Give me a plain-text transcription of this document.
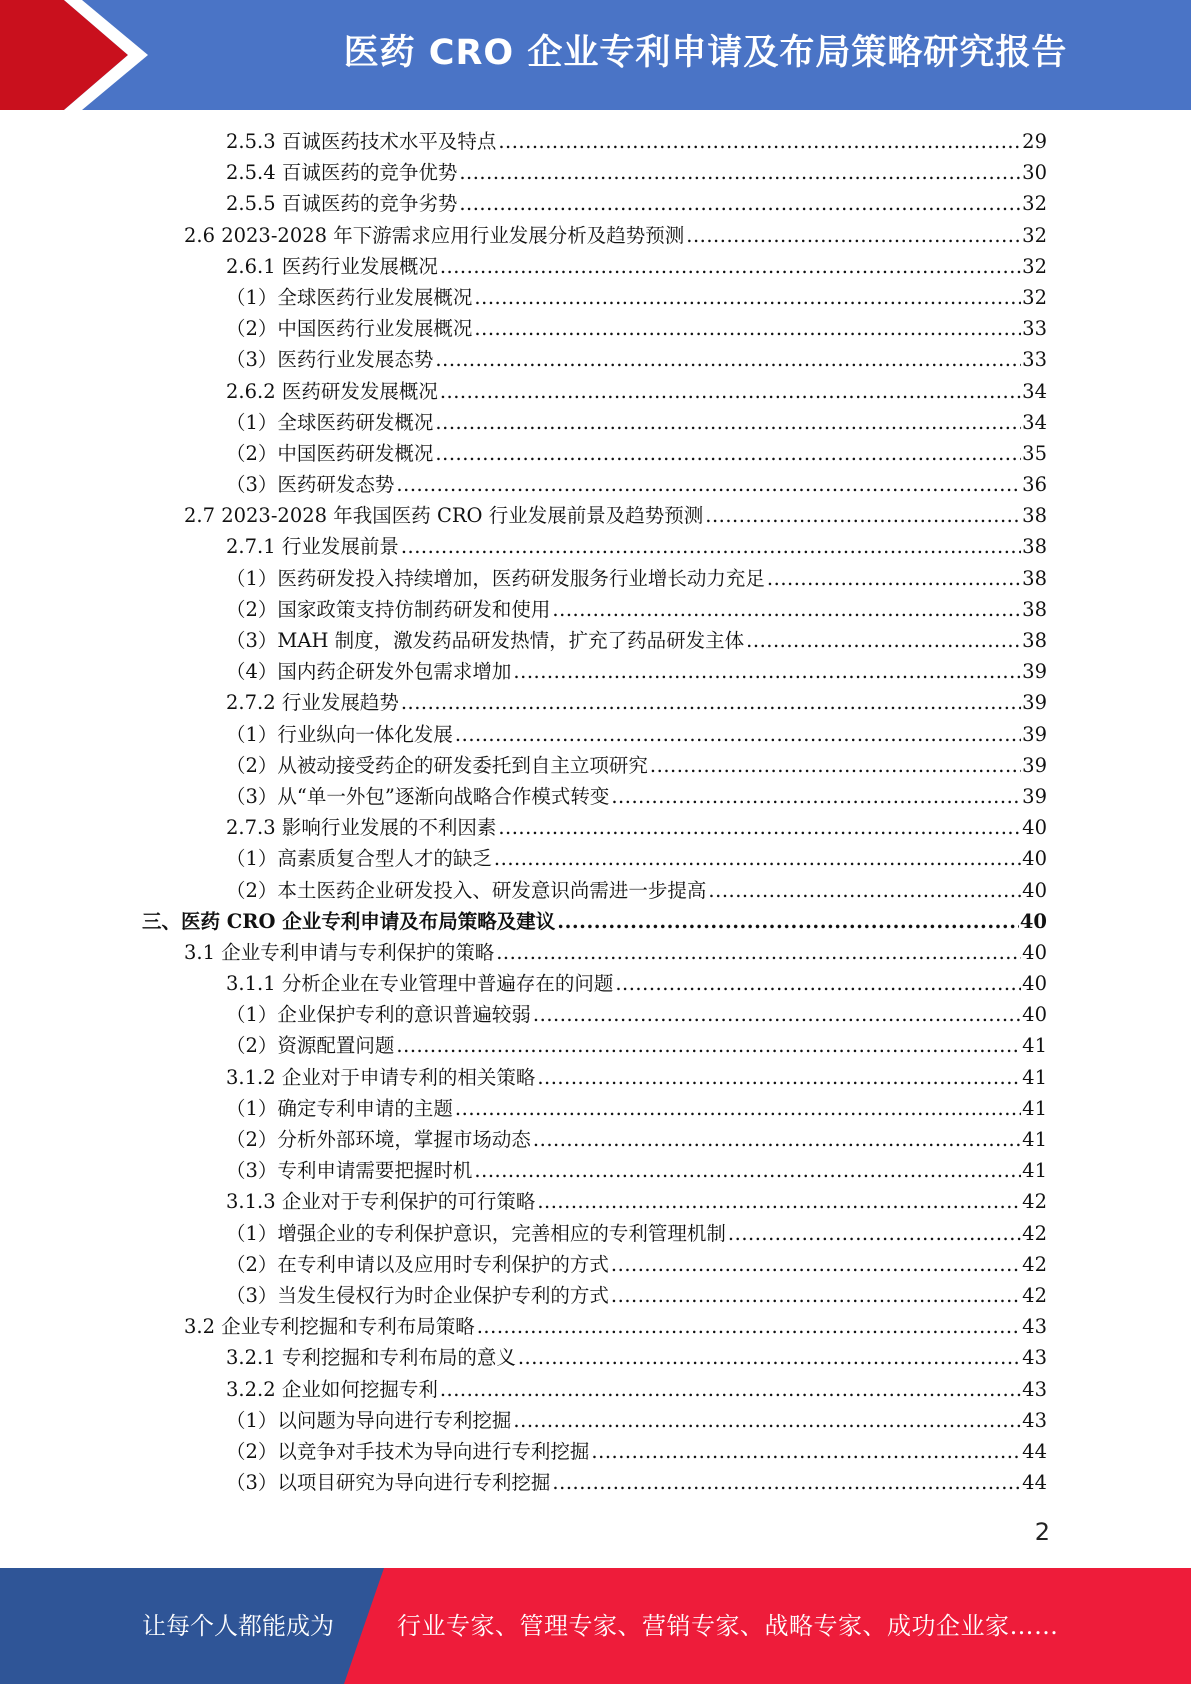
医药 CRO 企业专利申请及布局策略研究报告
2.5.3 百诚医药技术水平及特点 .....	29
2.5.4 百诚医药的竞争优势 .....	30
2.5.5 百诚医药的竞争劣势 .....	32
2.6 2023-2028 年下游需求应用行业发展分析及趋势预测 .....	32
2.6.1 医药行业发展概况 .....	32
（1）全球医药行业发展概况 .....	32
（2）中国医药行业发展概况 .....	33
（3）医药行业发展态势 .....	33
2.6.2 医药研发发展概况 .....	34
（1）全球医药研发概况 .....	34
（2）中国医药研发概况 .....	35
（3）医药研发态势 .....	36
2.7 2023-2028 年我国医药 CRO 行业发展前景及趋势预测 .....	38
2.7.1 行业发展前景 .....	38
（1）医药研发投入持续增加，医药研发服务行业增长动力充足 .....	38
（2）国家政策支持仿制药研发和使用 .....	38
（3）MAH 制度，激发药品研发热情，扩充了药品研发主体 .....	38
（4）国内药企研发外包需求增加 .....	39
2.7.2 行业发展趋势 .....	39
（1）行业纵向一体化发展 .....	39
（2）从被动接受药企的研发委托到自主立项研究 .....	39
（3）从“单一外包”逐渐向战略合作模式转变 .....	39
2.7.3 影响行业发展的不利因素 .....	40
（1）高素质复合型人才的缺乏 .....	40
（2）本土医药企业研发投入、研发意识尚需进一步提高 .....	40
三、医药 CRO 企业专利申请及布局策略及建议 .....	40
3.1 企业专利申请与专利保护的策略 .....	40
3.1.1 分析企业在专业管理中普遍存在的问题 .....	40
（1）企业保护专利的意识普遍较弱 .....	40
（2）资源配置问题 .....	41
3.1.2 企业对于申请专利的相关策略 .....	41
（1）确定专利申请的主题 .....	41
（2）分析外部环境，掌握市场动态 .....	41
（3）专利申请需要把握时机 .....	41
3.1.3 企业对于专利保护的可行策略 .....	42
（1）增强企业的专利保护意识，完善相应的专利管理机制 .....	42
（2）在专利申请以及应用时专利保护的方式 .....	42
（3）当发生侵权行为时企业保护专利的方式 .....	42
3.2 企业专利挖掘和专利布局策略 .....	43
3.2.1 专利挖掘和专利布局的意义 .....	43
3.2.2 企业如何挖掘专利 .....	43
（1）以问题为导向进行专利挖掘 .....	43
（2）以竞争对手技术为导向进行专利挖掘 .....	44
（3）以项目研究为导向进行专利挖掘 .....	44
2
让每个人都能成为	行业专家、管理专家、营销专家、战略专家、成功企业家……
